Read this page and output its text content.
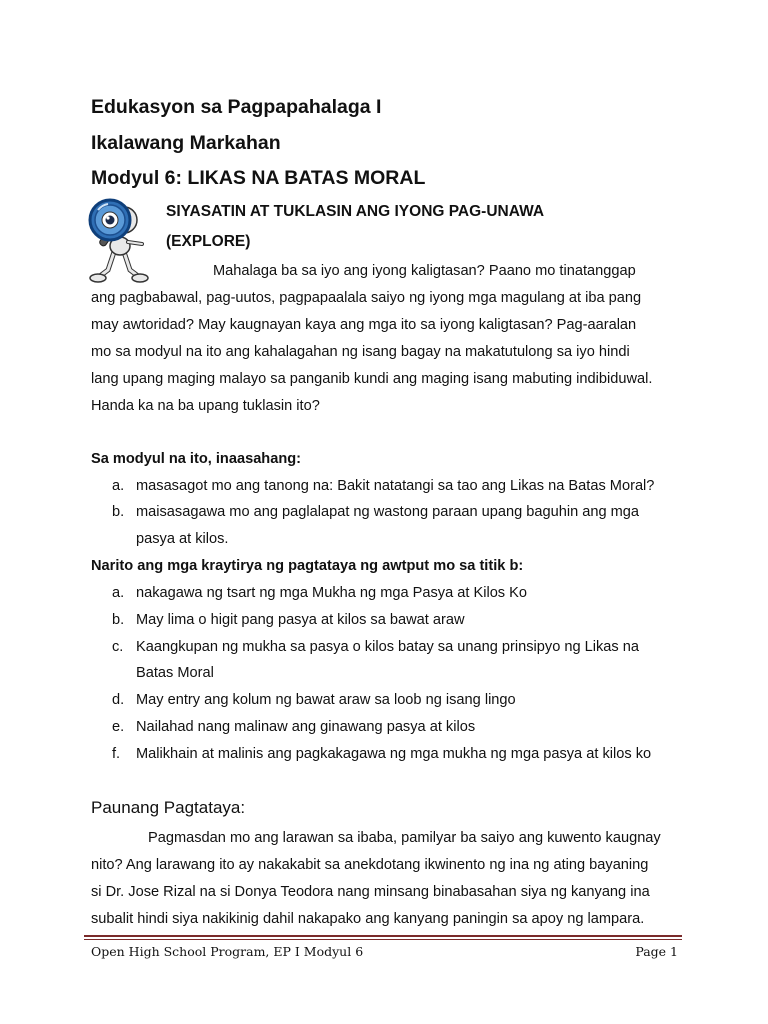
Edukasyon sa Pagpapahalaga I
Ikalawang Markahan
Modyul 6: LIKAS NA BATAS MORAL
SIYASATIN AT TUKLASIN ANG IYONG PAG-UNAWA
(EXPLORE)
Mahalaga ba sa iyo ang iyong kaligtasan? Paano mo tinatanggap
ang pagbabawal, pag-uutos, pagpapaalala saiyo ng iyong mga magulang at iba pang
may awtoridad? May kaugnayan kaya ang mga ito sa iyong kaligtasan? Pag-aaralan
mo sa modyul na ito ang kahalagahan ng isang bagay na makatutulong sa iyo hindi
lang upang maging malayo sa panganib kundi ang maging isang mabuting indibiduwal.
Handa ka na ba upang tuklasin ito?
Sa modyul na ito, inaasahang:
a. masasagot mo ang tanong na: Bakit natatangi sa tao ang Likas na Batas Moral?
b. maisasagawa mo ang paglalapat ng wastong paraan upang baguhin ang mga
pasya at kilos.
Narito ang mga kraytirya ng pagtataya ng awtput mo sa titik b:
a. nakagawa ng tsart ng mga Mukha ng mga Pasya at Kilos Ko
b. May lima o higit pang pasya at kilos sa bawat araw
c. Kaangkupan ng mukha sa pasya o kilos batay sa unang prinsipyo ng Likas na
Batas Moral
d. May entry ang kolum ng bawat araw sa loob ng isang lingo
e. Nailahad nang malinaw ang ginawang pasya at kilos
f. Malikhain at malinis ang pagkakagawa ng mga mukha ng mga pasya at kilos ko
Paunang Pagtataya:
Pagmasdan mo ang larawan sa ibaba, pamilyar ba saiyo ang kuwento kaugnay
nito? Ang larawang ito ay nakakabit sa anekdotang ikwinento ng ina ng ating bayaning
si Dr. Jose Rizal na si Donya Teodora nang minsang binabasahan siya ng kanyang ina
subalit hindi siya nakikinig dahil nakapako ang kanyang paningin sa apoy ng lampara.
Open High School Program, EP I Modyul 6	Page 1
